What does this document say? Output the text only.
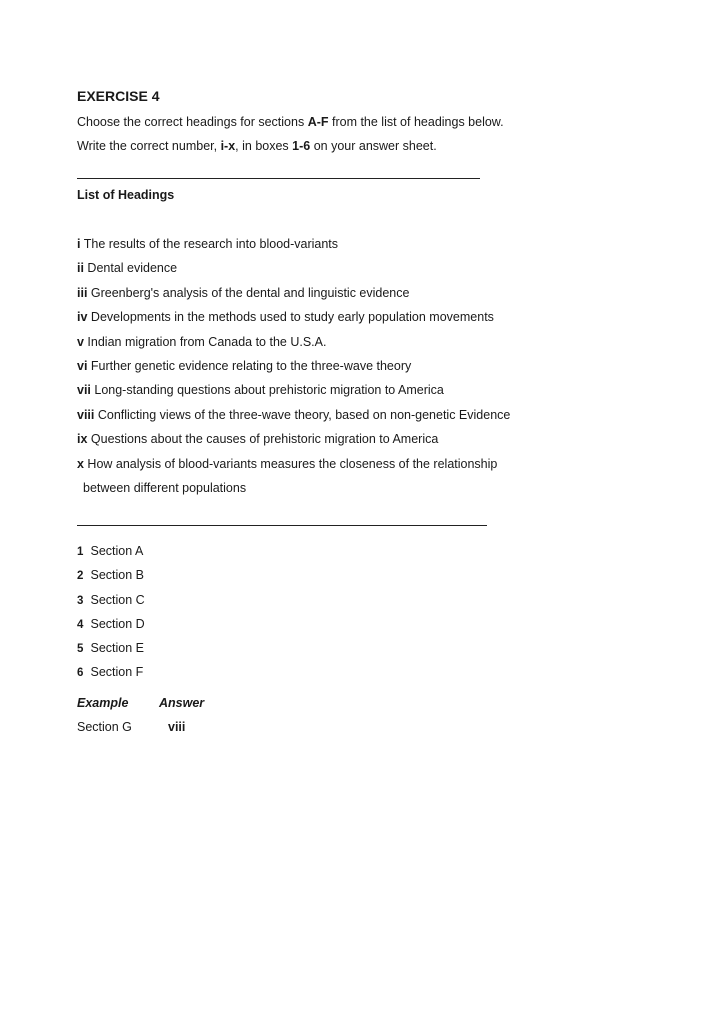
EXERCISE 4
Choose the correct headings for sections A-F from the list of headings below.
Write the correct number, i-x, in boxes 1-6 on your answer sheet.
List of Headings
i The results of the research into blood-variants
ii Dental evidence
iii Greenberg's analysis of the dental and linguistic evidence
iv Developments in the methods used to study early population movements
v Indian migration from Canada to the U.S.A.
vi Further genetic evidence relating to the three-wave theory
vii Long-standing questions about prehistoric migration to America
viii Conflicting views of the three-wave theory, based on non-genetic Evidence
ix Questions about the causes of prehistoric migration to America
x How analysis of blood-variants measures the closeness of the relationship
between different populations
1 Section A
2 Section B
3 Section C
4 Section D
5 Section E
6 Section F
Example Answer
Section G	viii
